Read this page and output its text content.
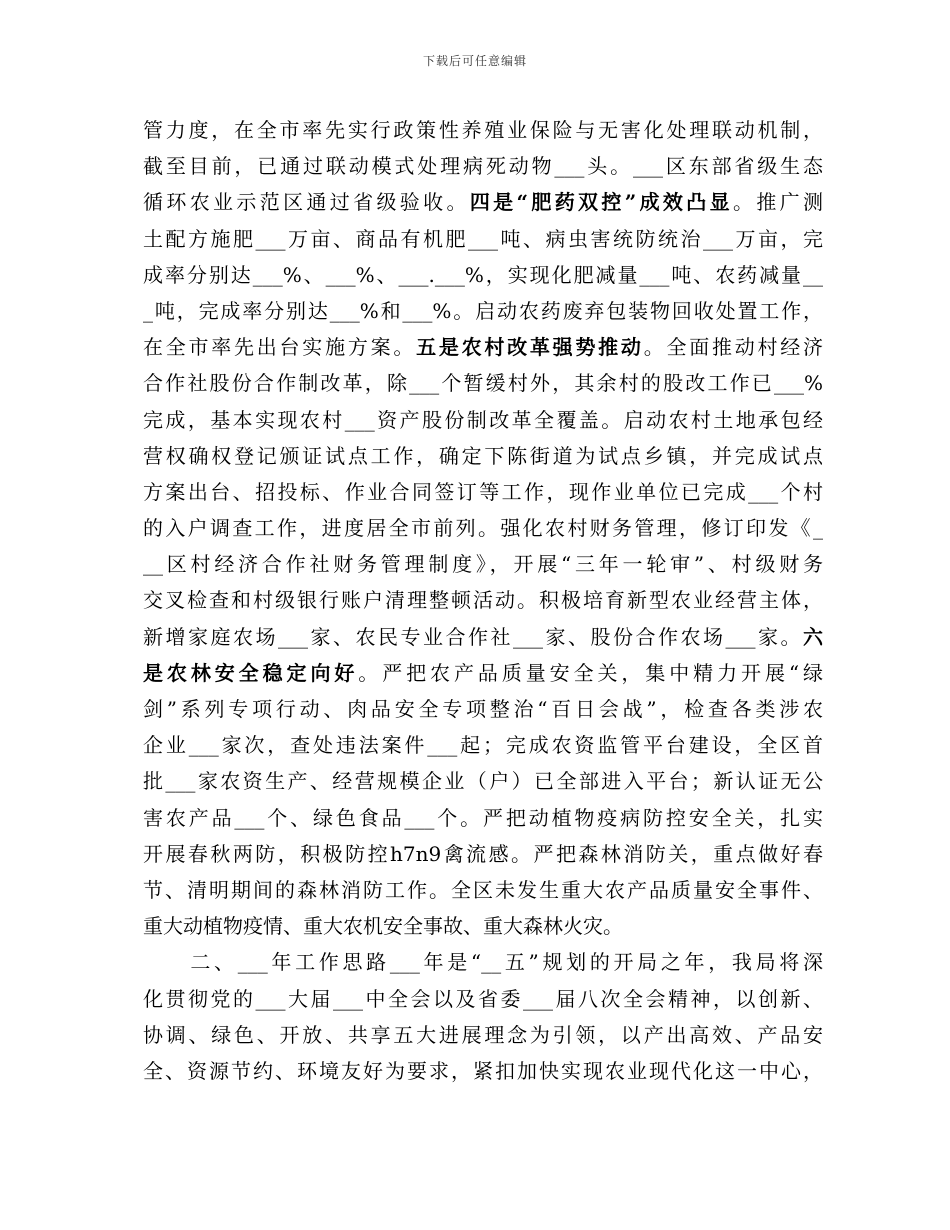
下载后可任意编辑
管力度，在全市率先实行政策性养殖业保险与无害化处理联动机制，
截至目前，已通过联动模式处理病死动物___头。___区东部省级生态
循环农业示范区通过省级验收。四是“肥药双控”成效凸显。推广测
土配方施肥___万亩、商品有机肥___吨、病虫害统防统治___万亩，完
成率分别达___%、___%、___.___%，实现化肥减量___吨、农药减量__
_吨，完成率分别达___%和___%。启动农药废弃包装物回收处置工作，
在全市率先出台实施方案。五是农村改革强势推动。全面推动村经济
合作社股份合作制改革，除___个暂缓村外，其余村的股改工作已___%
完成，基本实现农村___资产股份制改革全覆盖。启动农村土地承包经
营权确权登记颁证试点工作，确定下陈街道为试点乡镇，并完成试点
方案出台、招投标、作业合同签订等工作，现作业单位已完成___个村
的入户调查工作，进度居全市前列。强化农村财务管理，修订印发《_
__区村经济合作社财务管理制度》，开展“三年一轮审”、村级财务
交叉检查和村级银行账户清理整顿活动。积极培育新型农业经营主体，
新增家庭农场___家、农民专业合作社___家、股份合作农场___家。六
是农林安全稳定向好。严把农产品质量安全关，集中精力开展“绿
剑”系列专项行动、肉品安全专项整治“百日会战”，检查各类涉农
企业___家次，查处违法案件___起；完成农资监管平台建设，全区首
批___家农资生产、经营规模企业（户）已全部进入平台；新认证无公
害农产品___个、绿色食品___个。严把动植物疫病防控安全关，扎实
开展春秋两防，积极防控h7n9禽流感。严把森林消防关，重点做好春
节、清明期间的森林消防工作。全区未发生重大农产品质量安全事件、
重大动植物疫情、重大农机安全事故、重大森林火灾。
　　二、___年工作思路___年是“__五”规划的开局之年，我局将深
化贯彻党的___大届___中全会以及省委___届八次全会精神，以创新、
协调、绿色、开放、共享五大进展理念为引领，以产出高效、产品安
全、资源节约、环境友好为要求，紧扣加快实现农业现代化这一中心，
